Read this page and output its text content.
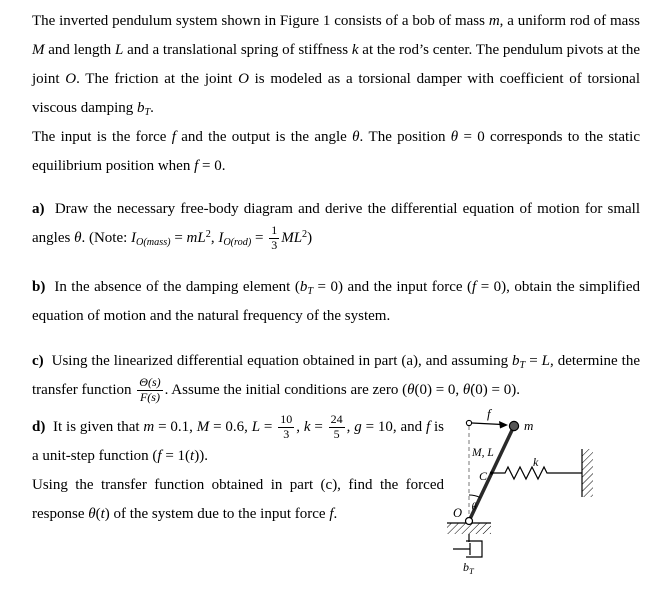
The inverted pendulum system shown in Figure 1 consists of a bob of mass m, a uniform rod of mass M and length L and a translational spring of stiffness k at the rod’s center. The pendulum pivots at the joint O. The friction at the joint O is modeled as a torsional damper with coefficient of torsional viscous damping $b_T$.

The input is the force f and the output is the angle θ. The position θ = 0 corresponds to the static equilibrium position when f = 0.

a)  Draw the necessary free-body diagram and derive the differential equation of motion for small angles θ. (Note: $I_{O(mass)} = mL^2$, $I_{O(rod)} = \frac{1}{3} ML^2$)

b)  In the absence of the damping element $(b_T = 0)$ and the input force (f = 0), obtain the simplified equation of motion and the natural frequency of the system.

c)  Using the linearized differential equation obtained in part (a), and assuming $b_T = L$, determine the transfer function $\frac{\Theta(s)}{F(s)}$ . Assume the initial conditions are zero (θ(0) = 0, θ̇(0) = 0).

f
m
M, L
C
k
θ
O
$b_T$

d)  It is given that m = 0.1, M = 0.6, $L = \frac{10}{3}$ , $k = \frac{24}{5}$ , g = 10, and f is a unit-step function (f = 1(t)).

Using the transfer function obtained in part (c), find the forced response θ(t) of the system due to the input force f.
